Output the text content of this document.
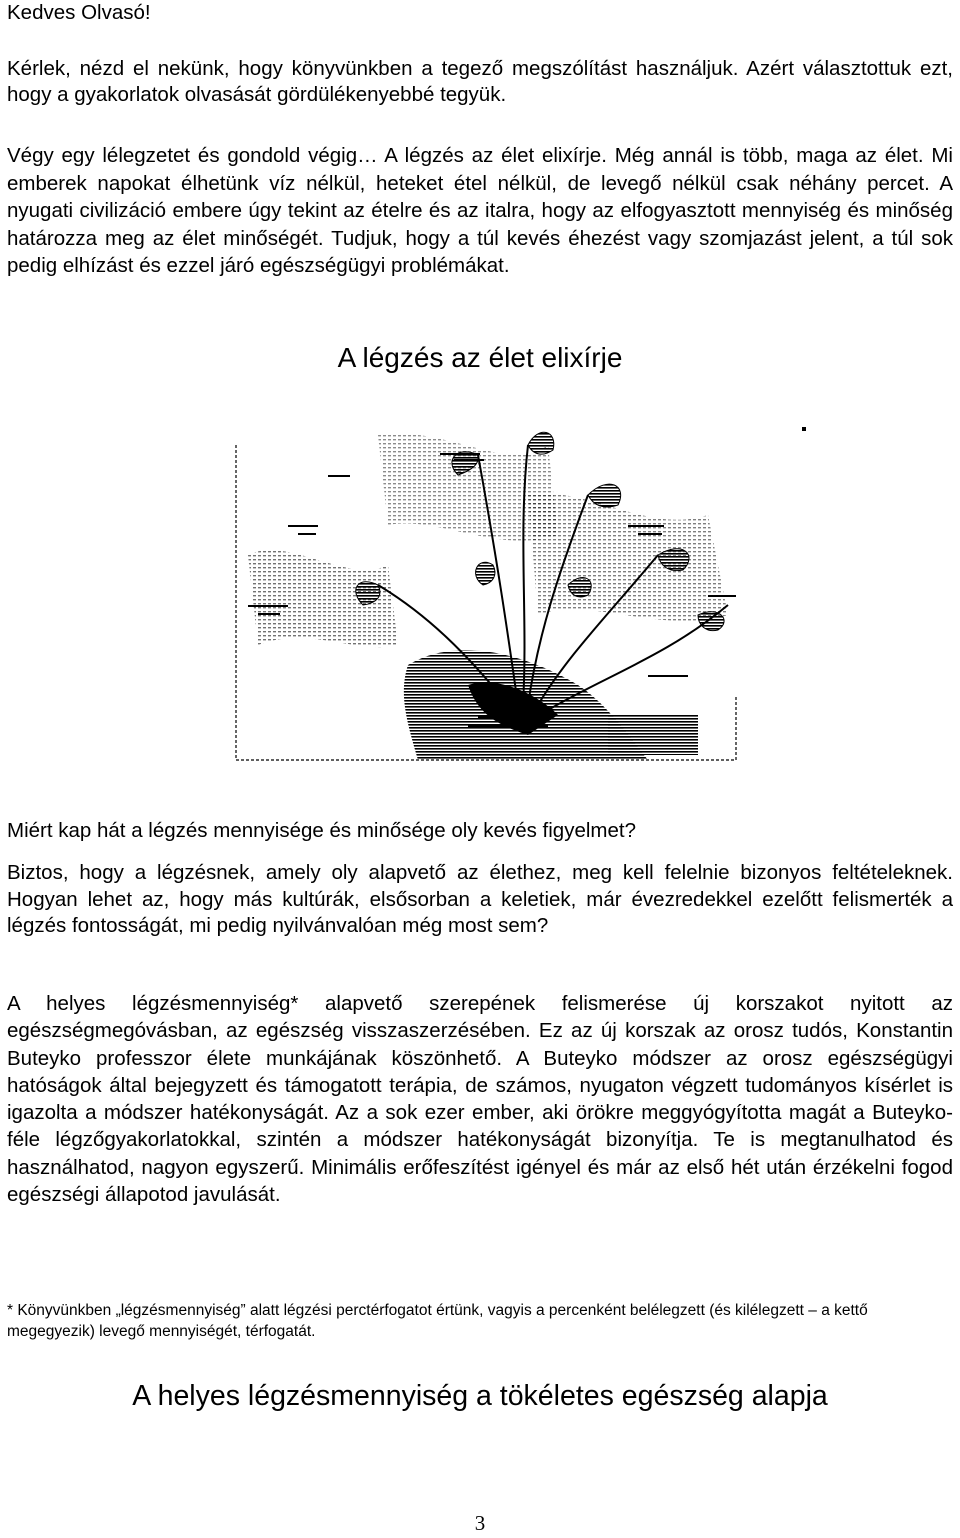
Kedves Olvasó!

Kérlek, nézd el nekünk, hogy könyvünkben a tegező megszólítást használjuk. Azért választottuk ezt, hogy a gyakorlatok olvasását gördülékenyebbé tegyük.

Végy egy lélegzetet és gondold végig… A légzés az élet elixírje. Még annál is több, maga az élet. Mi emberek napokat élhetünk víz nélkül, heteket étel nélkül, de levegő nélkül csak néhány percet. A nyugati civilizáció embere úgy tekint az ételre és az italra, hogy az elfogyasztott mennyiség és minőség határozza meg az élet minőségét. Tudjuk, hogy a túl kevés éhezést vagy szomjazást jelent, a túl sok pedig elhízást és ezzel járó egészségügyi problémákat.

A légzés az élet elixírje

Miért kap hát a légzés mennyisége és minősége oly kevés figyelmet?

Biztos, hogy a légzésnek, amely oly alapvető az élethez, meg kell felelnie bizonyos feltételeknek. Hogyan lehet az, hogy más kultúrák, elsősorban a keletiek, már évezredekkel ezelőtt felismerték a légzés fontosságát, mi pedig nyilvánvalóan még most sem?

A helyes légzésmennyiség* alapvető szerepének felismerése új korszakot nyitott az egészségmegóvásban, az egészség visszaszerzésében. Ez az új korszak az orosz tudós, Konstantin Buteyko professzor élete munkájának köszönhető. A Buteyko módszer az orosz egészségügyi hatóságok által bejegyzett és támogatott terápia, de számos, nyugaton végzett tudományos kísérlet is igazolta a módszer hatékonyságát. Az a sok ezer ember, aki örökre meggyógyította magát a Buteyko-féle légzőgyakorlatokkal, szintén a módszer hatékonyságát bizonyítja. Te is megtanulhatod és használhatod, nagyon egyszerű. Minimális erőfeszítést igényel és már az első hét után érzékelni fogod egészségi állapotod javulását.

* Könyvünkben „légzésmennyiség” alatt légzési perctérfogatot értünk, vagyis a percenként belélegzett (és kilélegzett – a kettő megegyezik) levegő mennyiségét, térfogatát.

A helyes légzésmennyiség a tökéletes egészség alapja
3
